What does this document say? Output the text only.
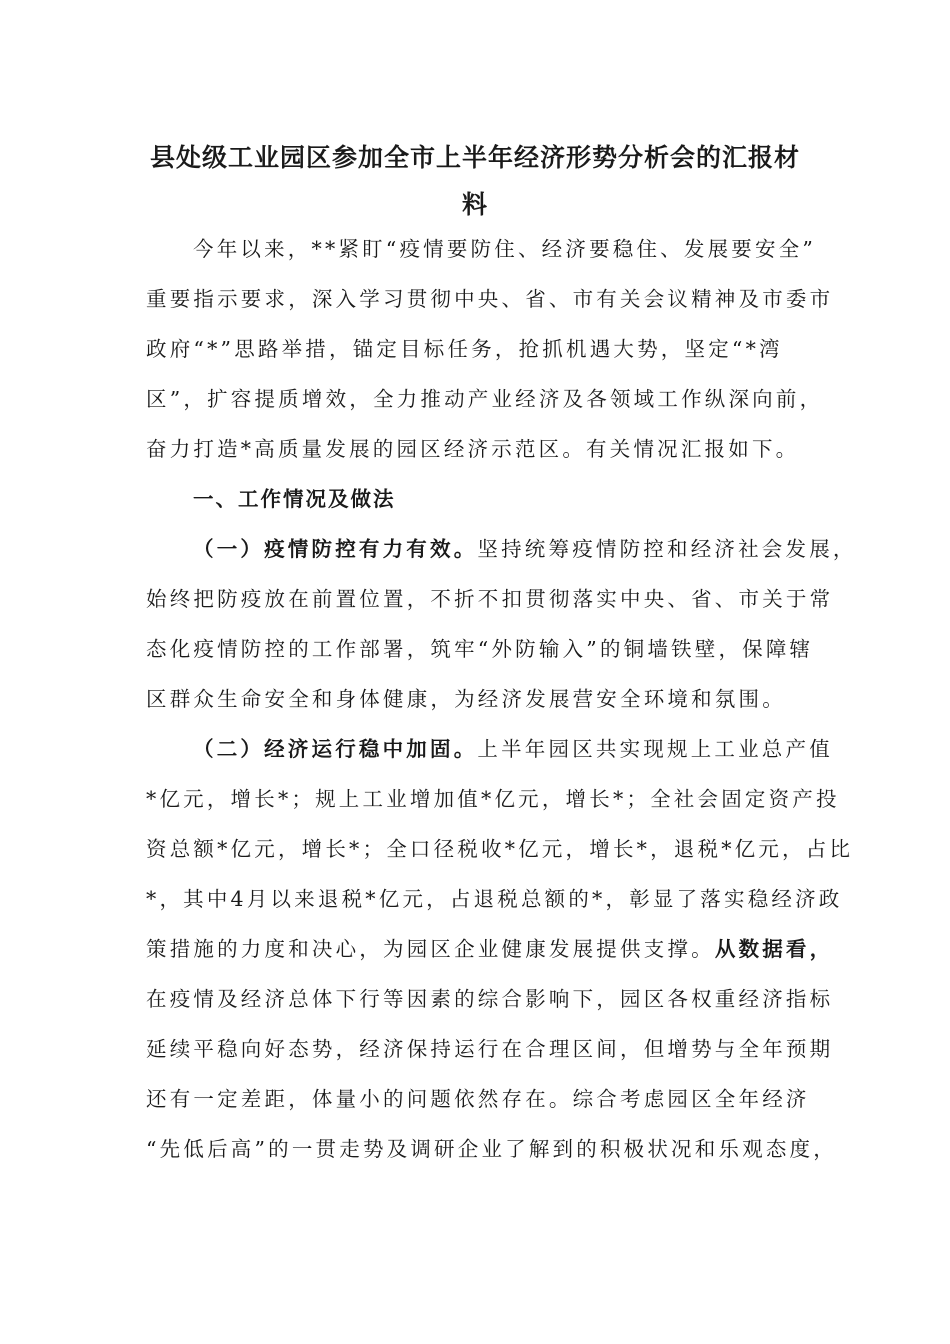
县处级工业园区参加全市上半年经济形势分析会的汇报材
料
今年以来，**紧盯“疫情要防住、经济要稳住、发展要安全”
重要指示要求，深入学习贯彻中央、省、市有关会议精神及市委市
政府“*”思路举措，锚定目标任务，抢抓机遇大势，坚定“*湾
区”，扩容提质增效，全力推动产业经济及各领域工作纵深向前，
奋力打造*高质量发展的园区经济示范区。有关情况汇报如下。
一、工作情况及做法
（一）疫情防控有力有效。坚持统筹疫情防控和经济社会发展，
始终把防疫放在前置位置，不折不扣贯彻落实中央、省、市关于常
态化疫情防控的工作部署，筑牢“外防输入”的铜墙铁壁，保障辖
区群众生命安全和身体健康，为经济发展营安全环境和氛围。
（二）经济运行稳中加固。上半年园区共实现规上工业总产值
*亿元，增长*；规上工业增加值*亿元，增长*；全社会固定资产投
资总额*亿元，增长*；全口径税收*亿元，增长*，退税*亿元，占比
*，其中4月以来退税*亿元，占退税总额的*，彰显了落实稳经济政
策措施的力度和决心，为园区企业健康发展提供支撑。从数据看，
在疫情及经济总体下行等因素的综合影响下，园区各权重经济指标
延续平稳向好态势，经济保持运行在合理区间，但增势与全年预期
还有一定差距，体量小的问题依然存在。综合考虑园区全年经济
“先低后高”的一贯走势及调研企业了解到的积极状况和乐观态度，
